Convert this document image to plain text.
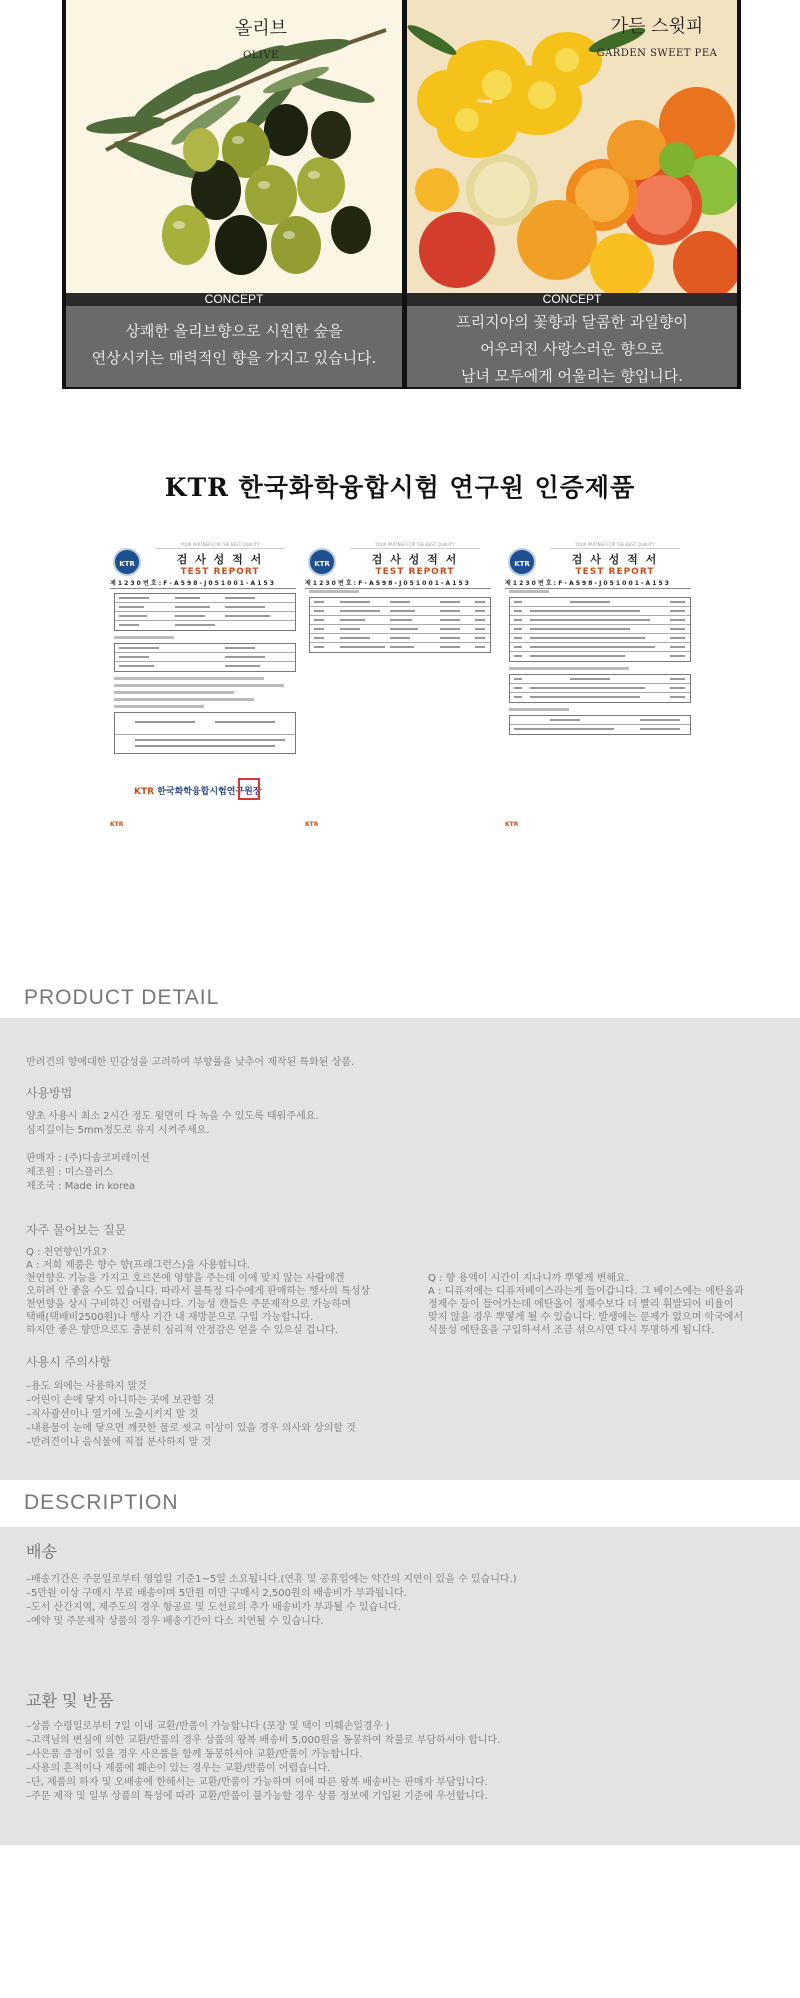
올리브
OLIVE
CONCEPT
상쾌한 올리브향으로 시원한 숲을
연상시키는 매력적인 향을 가지고 있습니다.
가든 스윗피
GARDEN SWEET PEA
CONCEPT
프리지아의 꽃향과 달콤한 과일향이
어우러진 사랑스러운 향으로
남녀 모두에게 어울리는 향입니다.
KTR 한국화학융합시험 연구원 인증제품
KTR
YOUR PARTNER FOR THE BEST QUALITY
검 사 성 적 서
TEST REPORT
제 1 2 3 0 번 호 : F - A 5 9 8 - J 0 5 1 0 0 1 - A 1 5 3
KTR 한국화학융합시험연구원장
KTR
KTR
YOUR PARTNER FOR THE BEST QUALITY
검 사 성 적 서
TEST REPORT
제 1 2 3 0 번 호 : F - A 5 9 8 - J 0 5 1 0 0 1 - A 1 5 3
KTR
KTR
YOUR PARTNER FOR THE BEST QUALITY
검 사 성 적 서
TEST REPORT
제 1 2 3 0 번 호 : F - A 5 9 8 - J 0 5 1 0 0 1 - A 1 5 3
KTR
PRODUCT DETAIL
반려견의 향에대한 민감성을 고려하여 부향률을 낮추어 제작된 특화된 상품.
사용방법
양초 사용시 최소 2시간 정도 윗면이 다 녹을 수 있도록 태워주세요.
심지길이는 5mm정도로 유지 시켜주세요.
판매자 : (주)다솜코퍼레이션
제조원 : 미스플러스
제조국 : Made in korea
자주 물어보는 질문
Q : 천연향인가요?
A : 저희 제품은 향수 향(프래그런스)을 사용합니다.
천연향은 기능을 가지고 호르몬에 영향을 주는데 이에 맞지 않는 사람에겐
오히려 안 좋을 수도 있습니다. 따라서 불특정 다수에게 판매하는 행사의 특성상
천연향을 상시 구비하긴 어렵습니다. 기능성 캔들은 주문제작으로 가능하며
택배(택배비2500원)나 행사 기간 내 재방문으로 구입 가능합니다.
하지만 좋은 향만으로도 충분히 심리적 안정감은 얻을 수 있으실 겁니다.
Q : 향 용액이 시간이 지나니까 뿌옇게 변해요.
A : 디퓨져에는 디퓨저베이스라는게 들어갑니다. 그 베이스에는 에탄올과
정제수 등이 들어가는데 에탄올이 정제수보다 더 빨리 휘발되어 비율이
맞지 않을 경우 뿌옇게 될 수 있습니다. 발생에는 문제가 없으며 악국에서
식물성 에탄올을 구입하셔서 조금 섞으시면 다시 투명하게 됩니다.
사용시 주의사항
–용도 외에는 사용하지 말것
–어린이 손에 닿지 아니하는 곳에 보관할 것
–직사광선이나 열기에 노출시키지 말 것
–내용물이 눈에 닿으면 깨끗한 물로 씻고 이상이 있을 경우 의사와 상의할 것
–반려견이나 음식물에 직접 분사하지 말 것
DESCRIPTION
배송
–배송기간은 주문일로부터 영업일 기준1~5일 소요됩니다.(연휴 및 공휴일에는 약간의 지연이 있을 수 있습니다.)
–5만원 이상 구매시 무료 배송이며 5만원 미만 구매시 2,500원의 배송비가 부과됩니다.
–도서 산간지역, 제주도의 경우 항공료 및 도선료의 추가 배송비가 부과될 수 있습니다.
–예약 및 주문제작 상품의 경우 배송기간이 다소 지연될 수 있습니다.
교환 및 반품
–상품 수령일로부터 7일 이내 교환/반품이 가능합니다 (포장 및 택이 미훼손일경우 )
–고객님의 변심에 의한 교환/반품의 경우 상품의 왕복 배송비 5,000원을 동봉하여 착불로 부담하셔야 합니다.
–사은품 증정이 있을 경우 사은품을 함께 동봉하셔야 교환/반품이 가능합니다.
–사용의 흔적이나 제품에 훼손이 있는 경우는 교환/반품이 어렵습니다.
–단, 제품의 하자 및 오배송에 한해서는 교환/반품이 가능하며 이에 따른 왕복 배송비는 판매자 부담입니다.
–주문 제작 및 일부 상품의 특성에 따라 교환/반품이 불가능할 경우 상품 정보에 기입된 기준에 우선합니다.
